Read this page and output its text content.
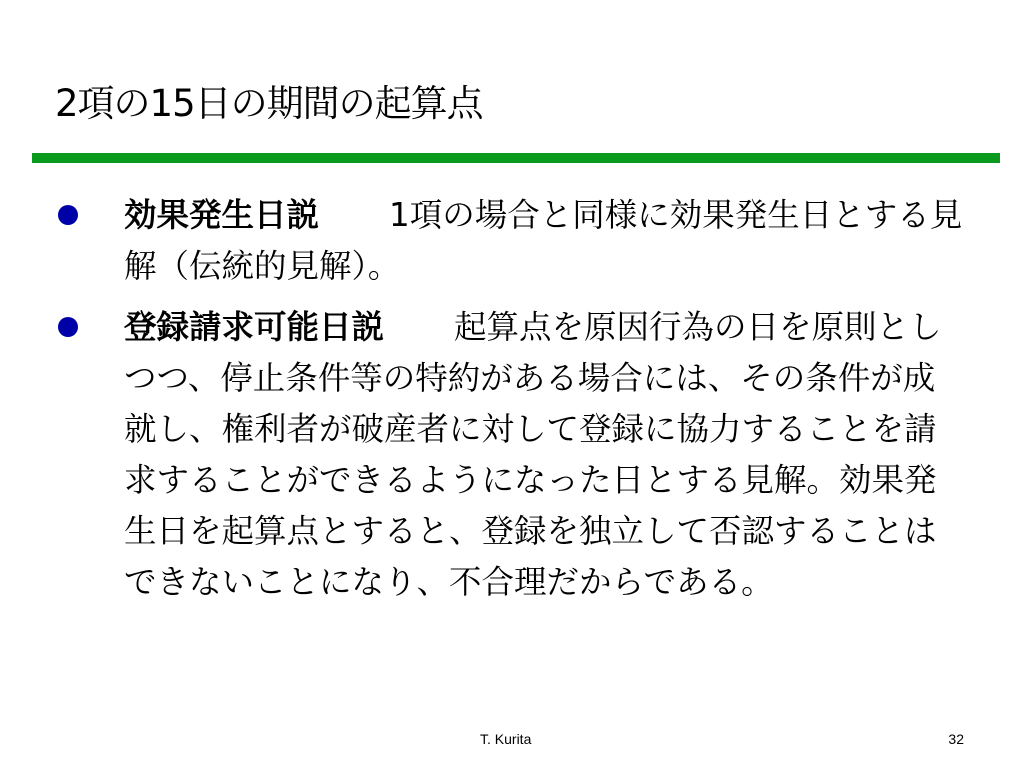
2項の15日の期間の起算点
効果発生日説 1項の場合と同様に効果発生日とする見解（伝統的見解）。
登録請求可能日説 起算点を原因行為の日を原則としつつ、停止条件等の特約がある場合には、その条件が成就し、権利者が破産者に対して登録に協力することを請求することができるようになった日とする見解。効果発生日を起算点とすると、登録を独立して否認することはできないことになり、不合理だからである。
T. Kurita	32
